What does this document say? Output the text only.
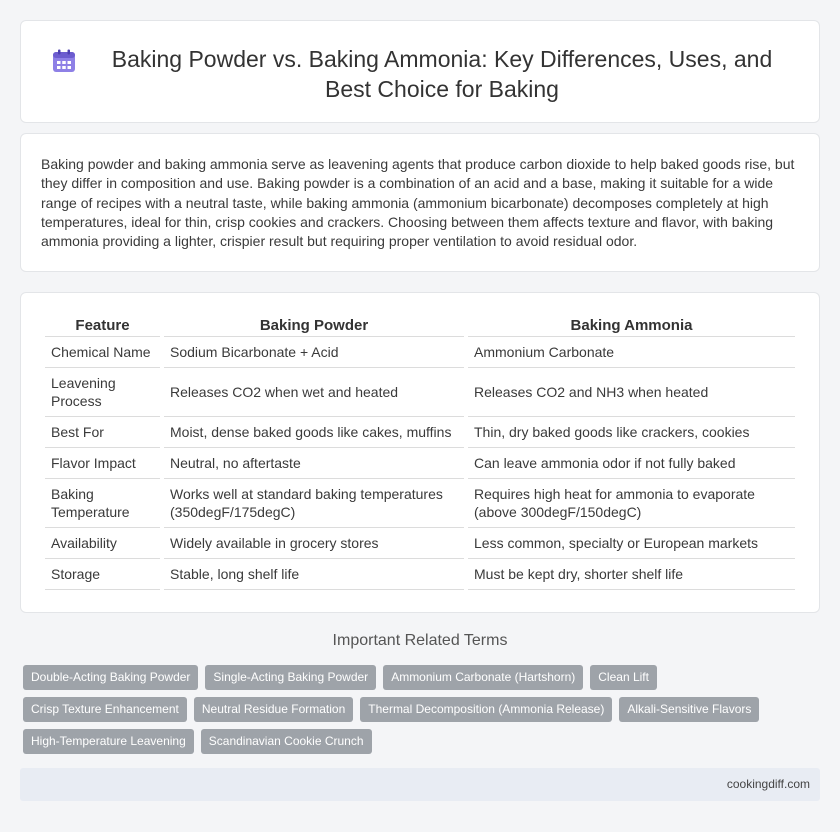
Baking Powder vs. Baking Ammonia: Key Differences, Uses, and Best Choice for Baking

Baking powder and baking ammonia serve as leavening agents that produce carbon dioxide to help baked goods rise, but they differ in composition and use. Baking powder is a combination of an acid and a base, making it suitable for a wide range of recipes with a neutral taste, while baking ammonia (ammonium bicarbonate) decomposes completely at high temperatures, ideal for thin, crisp cookies and crackers. Choosing between them affects texture and flavor, with baking ammonia providing a lighter, crispier result but requiring proper ventilation to avoid residual odor.

Feature	Baking Powder	Baking Ammonia
Chemical Name	Sodium Bicarbonate + Acid	Ammonium Carbonate
Leavening Process	Releases CO2 when wet and heated	Releases CO2 and NH3 when heated
Best For	Moist, dense baked goods like cakes, muffins	Thin, dry baked goods like crackers, cookies
Flavor Impact	Neutral, no aftertaste	Can leave ammonia odor if not fully baked
Baking Temperature	Works well at standard baking temperatures (350degF/175degC)	Requires high heat for ammonia to evaporate (above 300degF/150degC)
Availability	Widely available in grocery stores	Less common, specialty or European markets
Storage	Stable, long shelf life	Must be kept dry, shorter shelf life
Important Related Terms
Double-Acting Baking Powder	Single-Acting Baking Powder	Ammonium Carbonate (Hartshorn)	Clean Lift
Crisp Texture Enhancement	Neutral Residue Formation	Thermal Decomposition (Ammonia Release)	Alkali-Sensitive Flavors
High-Temperature Leavening	Scandinavian Cookie Crunch
cookingdiff.com
